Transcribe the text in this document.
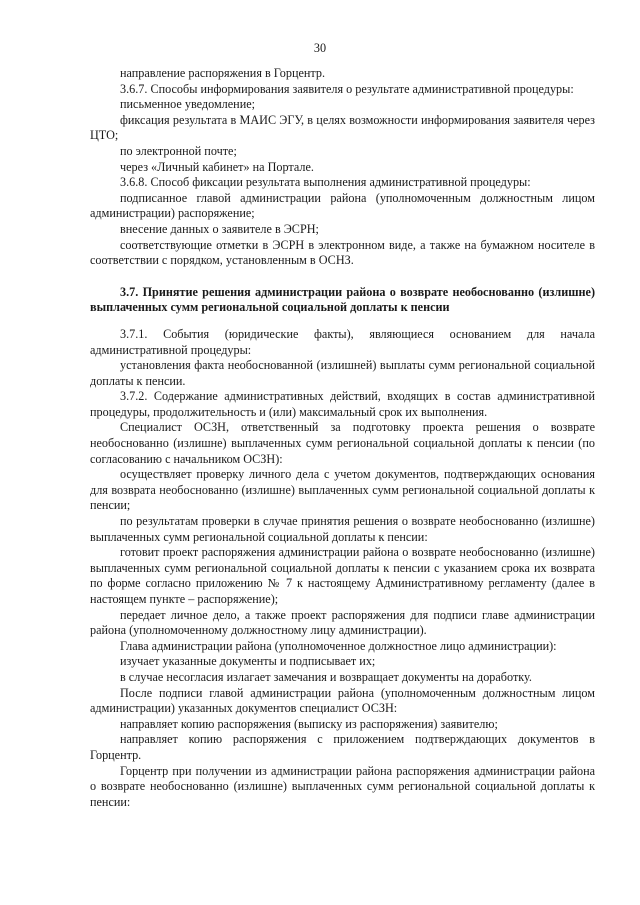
30

направление распоряжения в Горцентр.

3.6.7. Способы информирования заявителя о результате административной процедуры:

письменное уведомление;

фиксация результата в МАИС ЭГУ, в целях возможности информирования заявителя через ЦТО;

по электронной почте;

через «Личный кабинет» на Портале.

3.6.8. Способ фиксации результата выполнения административной процедуры:

подписанное главой администрации района (уполномоченным должностным лицом администрации) распоряжение;

внесение данных о заявителе в ЭСРН;

соответствующие отметки в ЭСРН в электронном виде, а также на бумажном носителе в соответствии с порядком, установленным в ОСНЗ.

3.7. Принятие решения администрации района о возврате необоснованно (излишне) выплаченных сумм региональной социальной доплаты к пенсии

3.7.1. События (юридические факты), являющиеся основанием для начала административной процедуры:

установления факта необоснованной (излишней) выплаты сумм региональной социальной доплаты к пенсии.

3.7.2. Содержание административных действий, входящих в состав административной процедуры, продолжительность и (или) максимальный срок их выполнения.

Специалист ОСЗН, ответственный за подготовку проекта решения о возврате необоснованно (излишне) выплаченных сумм региональной социальной доплаты к пенсии (по согласованию с начальником ОСЗН):

осуществляет проверку личного дела с учетом документов, подтверждающих основания для возврата необоснованно (излишне) выплаченных сумм региональной социальной доплаты к пенсии;

по результатам проверки в случае принятия решения о возврате необоснованно (излишне) выплаченных сумм региональной социальной доплаты к пенсии:

готовит проект распоряжения администрации района о возврате необоснованно (излишне) выплаченных сумм региональной социальной доплаты к пенсии с указанием срока их возврата по форме согласно приложению № 7 к настоящему Административному регламенту (далее в настоящем пункте – распоряжение);

передает личное дело, а также проект распоряжения для подписи главе администрации района (уполномоченному должностному лицу администрации).

Глава администрации района (уполномоченное должностное лицо администрации):

изучает указанные документы и подписывает их;

в случае несогласия излагает замечания и возвращает документы на доработку.

После подписи главой администрации района (уполномоченным должностным лицом администрации) указанных документов специалист ОСЗН:

направляет копию распоряжения (выписку из распоряжения) заявителю;

направляет копию распоряжения с приложением подтверждающих документов в Горцентр.

Горцентр при получении из администрации района распоряжения администрации района о возврате необоснованно (излишне) выплаченных сумм региональной социальной доплаты к пенсии:
